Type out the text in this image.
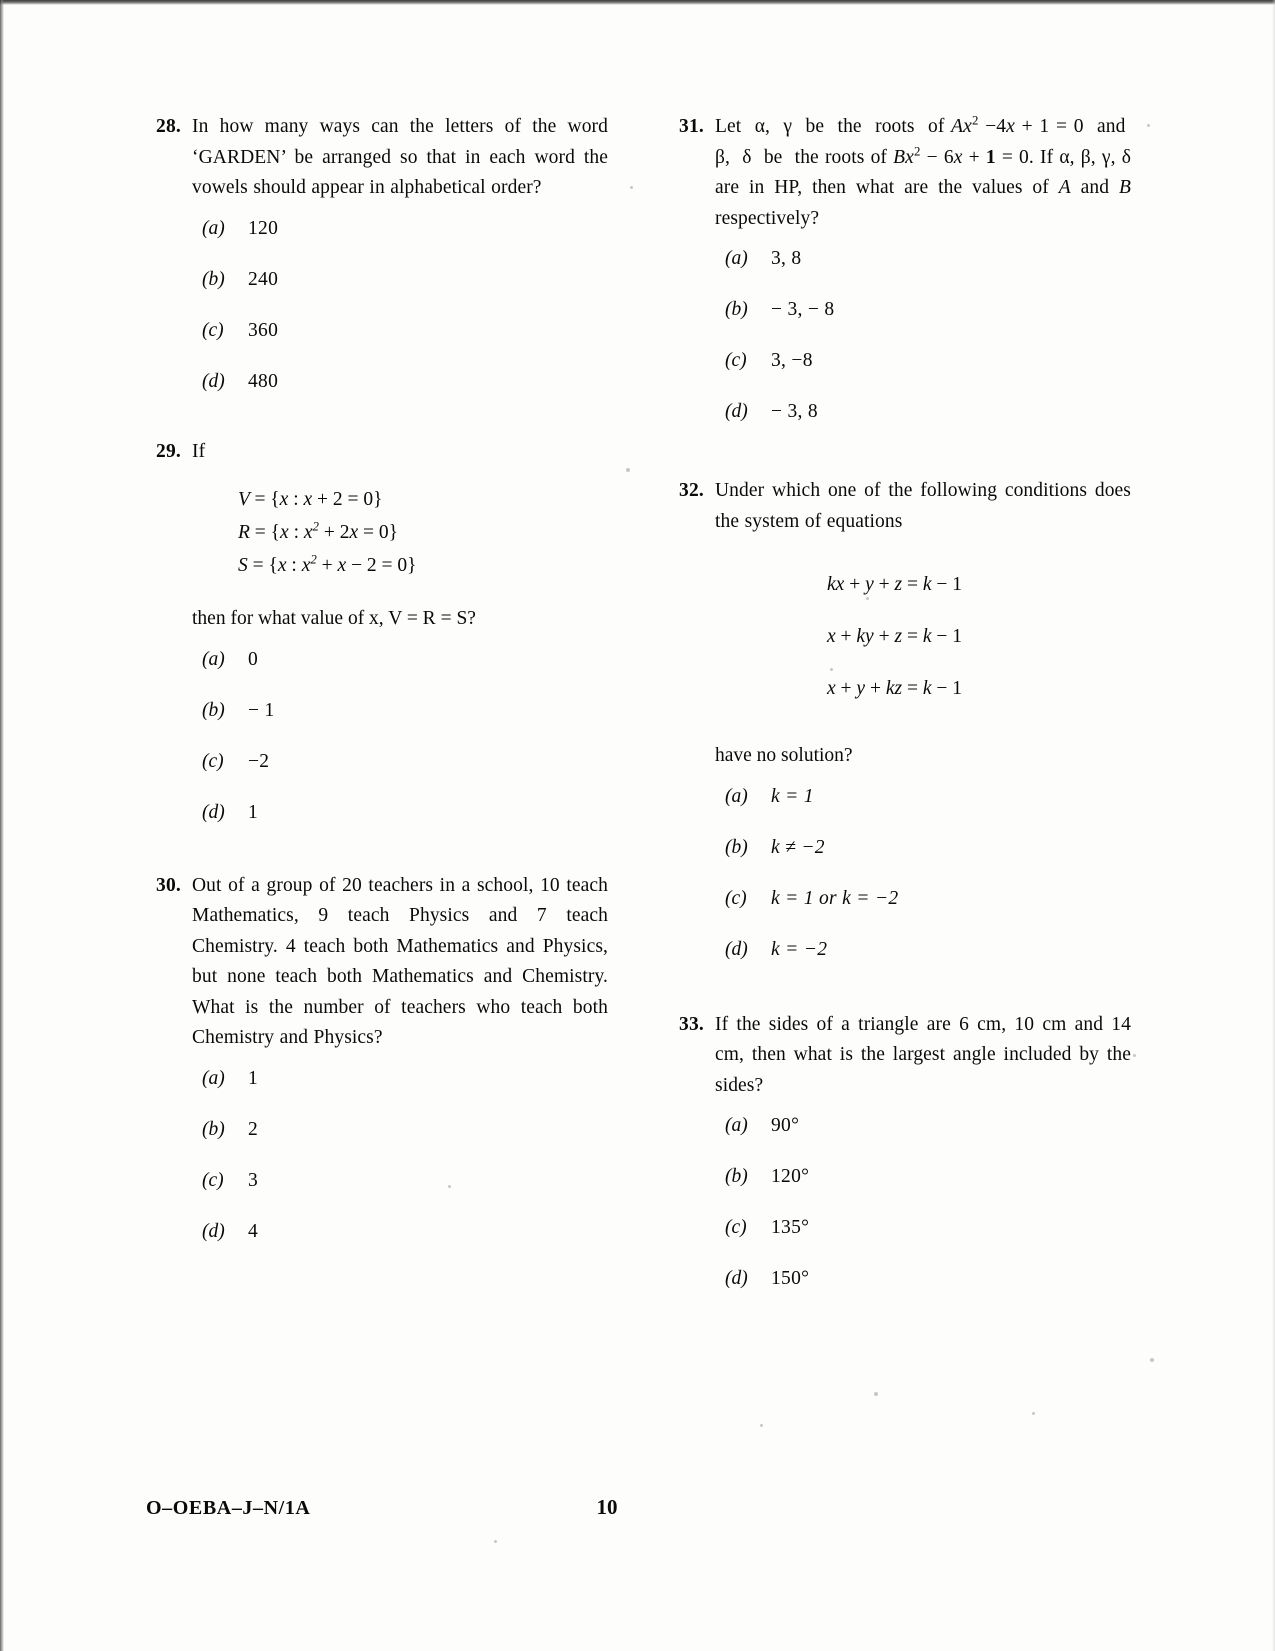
28. In how many ways can the letters of the word ‘GARDEN’ be arranged so that in each word the vowels should appear in alphabetical order?
(a)	120
(b)	240
(c)	360
(d)	480
29. If
V = {x : x + 2 = 0}
R = {x : $x^2 + 2x = 0$}
S = {x : $x^2 + x - 2 = 0$}
then for what value of x, V = R = S?
(a)	0
(b)	− 1
(c)	−2
(d)	1
30. Out of a group of 20 teachers in a school, 10 teach Mathematics, 9 teach Physics and 7 teach Chemistry. 4 teach both Mathematics and Physics, but none teach both Mathematics and Chemistry. What is the number of teachers who teach both Chemistry and Physics?
(a)	1
(b)	2
(c)	3
(d)	4
31. Let  α,  γ  be  the  roots  of $Ax^2 -4x + 1 = 0$  and  β,  δ  be  the roots of $Bx^2 - 6x + 1 = 0$. If α, β, γ, δ are in HP, then what are the values of A and B respectively?
(a)	3, 8
(b)	− 3, − 8
(c)	3, −8
(d)	− 3, 8
32. Under which one of the following conditions does the system of equations
kx + y + z = k − 1
x + ky + z = k − 1
x + y + kz = k − 1
have no solution?
(a)	k = 1
(b)	k ≠ −2
(c)	k = 1 or k = −2
(d)	k = −2
33. If the sides of a triangle are 6 cm, 10 cm and 14 cm, then what is the largest angle included by the sides?
(a)	90°
(b)	120°
(c)	135°
(d)	150°
O–OEBA–J–N/1A	10
